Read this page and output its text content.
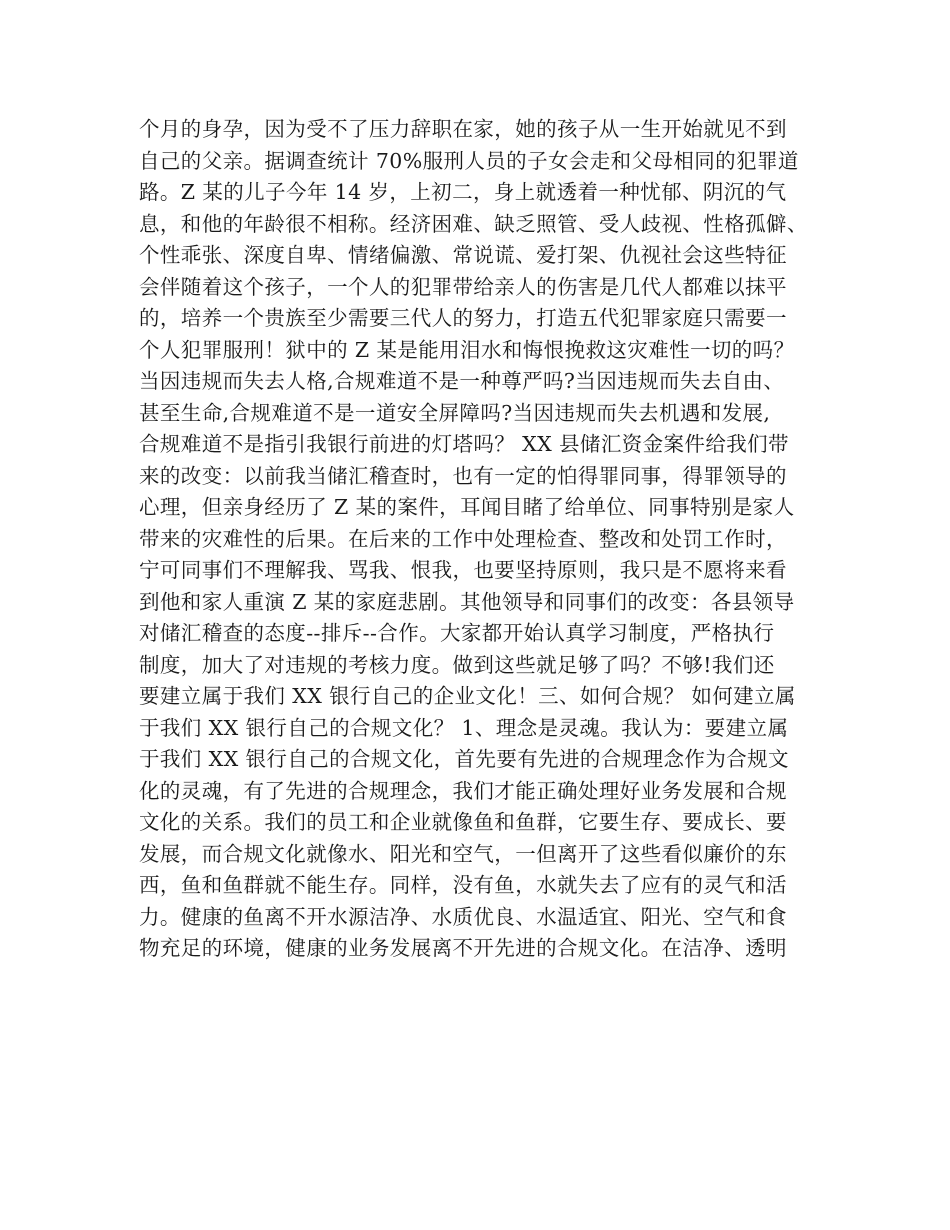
个月的身孕，因为受不了压力辞职在家，她的孩子从一生开始就见不到
自己的父亲。据调查统计 70%服刑人员的子女会走和父母相同的犯罪道
路。Z 某的儿子今年 14 岁，上初二，身上就透着一种忧郁、阴沉的气
息，和他的年龄很不相称。经济困难、缺乏照管、受人歧视、性格孤僻、
个性乖张、深度自卑、情绪偏激、常说谎、爱打架、仇视社会这些特征
会伴随着这个孩子，一个人的犯罪带给亲人的伤害是几代人都难以抹平
的，培养一个贵族至少需要三代人的努力，打造五代犯罪家庭只需要一
个人犯罪服刑！狱中的 Z 某是能用泪水和悔恨挽救这灾难性一切的吗？
当因违规而失去人格,合规难道不是一种尊严吗?当因违规而失去自由、
甚至生命,合规难道不是一道安全屏障吗?当因违规而失去机遇和发展,
合规难道不是指引我银行前进的灯塔吗？ XX 县储汇资金案件给我们带
来的改变：以前我当储汇稽查时，也有一定的怕得罪同事，得罪领导的
心理，但亲身经历了 Z 某的案件，耳闻目睹了给单位、同事特别是家人
带来的灾难性的后果。在后来的工作中处理检查、整改和处罚工作时，
宁可同事们不理解我、骂我、恨我，也要坚持原则，我只是不愿将来看
到他和家人重演 Z 某的家庭悲剧。其他领导和同事们的改变：各县领导
对储汇稽查的态度--排斥--合作。大家都开始认真学习制度，严格执行
制度，加大了对违规的考核力度。做到这些就足够了吗？不够!我们还
要建立属于我们 XX 银行自己的企业文化！三、如何合规？ 如何建立属
于我们 XX 银行自己的合规文化？ 1、理念是灵魂。我认为：要建立属
于我们 XX 银行自己的合规文化，首先要有先进的合规理念作为合规文
化的灵魂，有了先进的合规理念，我们才能正确处理好业务发展和合规
文化的关系。我们的员工和企业就像鱼和鱼群，它要生存、要成长、要
发展，而合规文化就像水、阳光和空气，一但离开了这些看似廉价的东
西，鱼和鱼群就不能生存。同样，没有鱼，水就失去了应有的灵气和活
力。健康的鱼离不开水源洁净、水质优良、水温适宜、阳光、空气和食
物充足的环境，健康的业务发展离不开先进的合规文化。在洁净、透明
